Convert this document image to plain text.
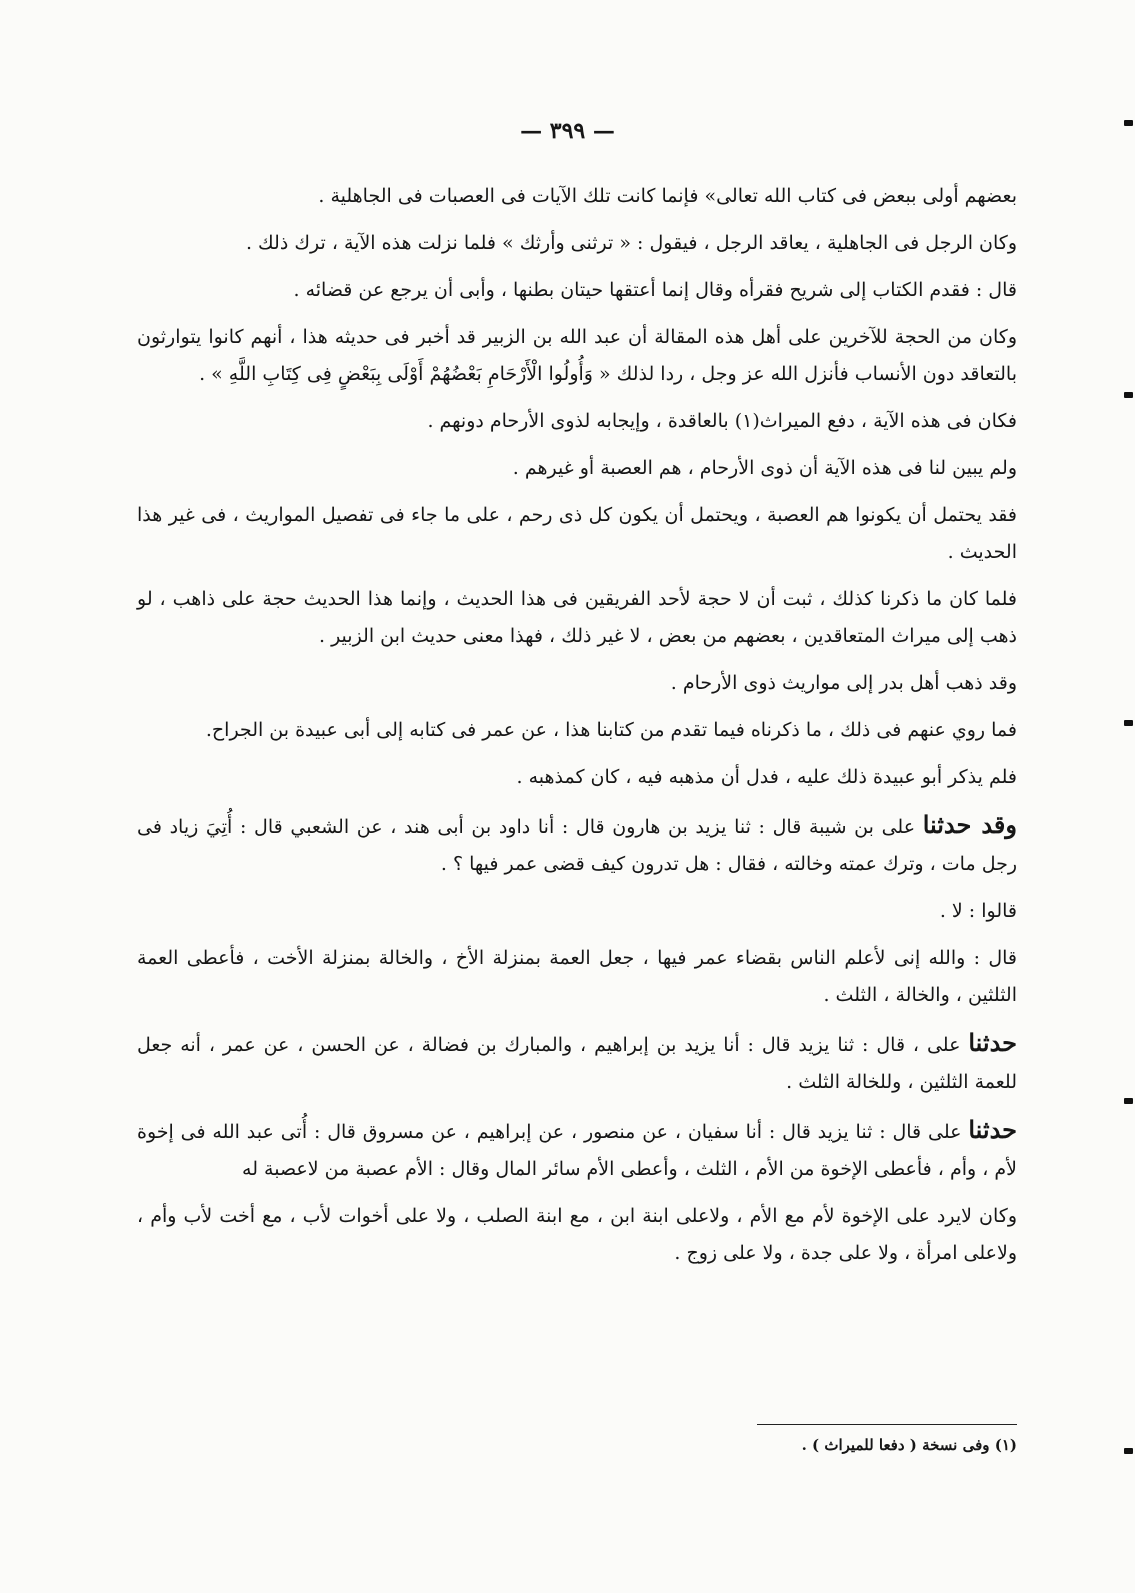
— ٣٩٩ —

بعضهم أولى ببعض فى كتاب الله تعالى» فإنما كانت تلك الآيات فى العصبات فى الجاهلية .

وكان الرجل فى الجاهلية ، يعاقد الرجل ، فيقول : « ترثنى وأرثك » فلما نزلت هذه الآية ، ترك ذلك .

قال : فقدم الكتاب إلى شريح فقرأه وقال إنما أعتقها حيتان بطنها ، وأبى أن يرجع عن قضائه .

وكان من الحجة للآخرين على أهل هذه المقالة أن عبد الله بن الزبير قد أخبر فى حديثه هذا ، أنهم كانوا يتوارثون بالتعاقد دون الأنساب فأنزل الله عز وجل ، ردا لذلك « وَأُولُوا الْأَرْحَامِ بَعْضُهُمْ أَوْلَى بِبَعْضٍ فِى كِتَابِ اللَّهِ » .

فكان فى هذه الآية ، دفع الميراث(١) بالعاقدة ، وإيجابه لذوى الأرحام دونهم .

ولم يبين لنا فى هذه الآية أن ذوى الأرحام ، هم العصبة أو غيرهم .

فقد يحتمل أن يكونوا هم العصبة ، ويحتمل أن يكون كل ذى رحم ، على ما جاء فى تفصيل المواريث ، فى غير هذا الحديث .

فلما كان ما ذكرنا كذلك ، ثبت أن لا حجة لأحد الفريقين فى هذا الحديث ، وإنما هذا الحديث حجة على ذاهب ، لو ذهب إلى ميراث المتعاقدين ، بعضهم من بعض ، لا غير ذلك ، فهذا معنى حديث ابن الزبير .

وقد ذهب أهل بدر إلى مواريث ذوى الأرحام .

فما روي عنهم فى ذلك ، ما ذكرناه فيما تقدم من كتابنا هذا ، عن عمر فى كتابه إلى أبى عبيدة بن الجراح.

فلم يذكر أبو عبيدة ذلك عليه ، فدل أن مذهبه فيه ، كان كمذهبه .

وقد حدثنا على بن شيبة قال : ثنا يزيد بن هارون قال : أنا داود بن أبى هند ، عن الشعبي قال : أُتِيَ زياد فى رجل مات ، وترك عمته وخالته ، فقال : هل تدرون كيف قضى عمر فيها ؟ .

قالوا : لا .

قال : والله إنى لأعلم الناس بقضاء عمر فيها ، جعل العمة بمنزلة الأخ ، والخالة بمنزلة الأخت ، فأعطى العمة الثلثين ، والخالة ، الثلث .

حدثنا على ، قال : ثنا يزيد قال : أنا يزيد بن إبراهيم ، والمبارك بن فضالة ، عن الحسن ، عن عمر ، أنه جعل للعمة الثلثين ، وللخالة الثلث .

حدثنا على قال : ثنا يزيد قال : أنا سفيان ، عن منصور ، عن إبراهيم ، عن مسروق قال : أُتى عبد الله فى إخوة لأم ، وأم ، فأعطى الإخوة من الأم ، الثلث ، وأعطى الأم سائر المال وقال : الأم عصبة من لاعصبة له

وكان لايرد على الإخوة لأم مع الأم ، ولاعلى ابنة ابن ، مع ابنة الصلب ، ولا على أخوات لأب ، مع أخت لأب وأم ، ولاعلى امرأة ، ولا على جدة ، ولا على زوج .

(١) وفى نسخة ( دفعا للميراث ) .
